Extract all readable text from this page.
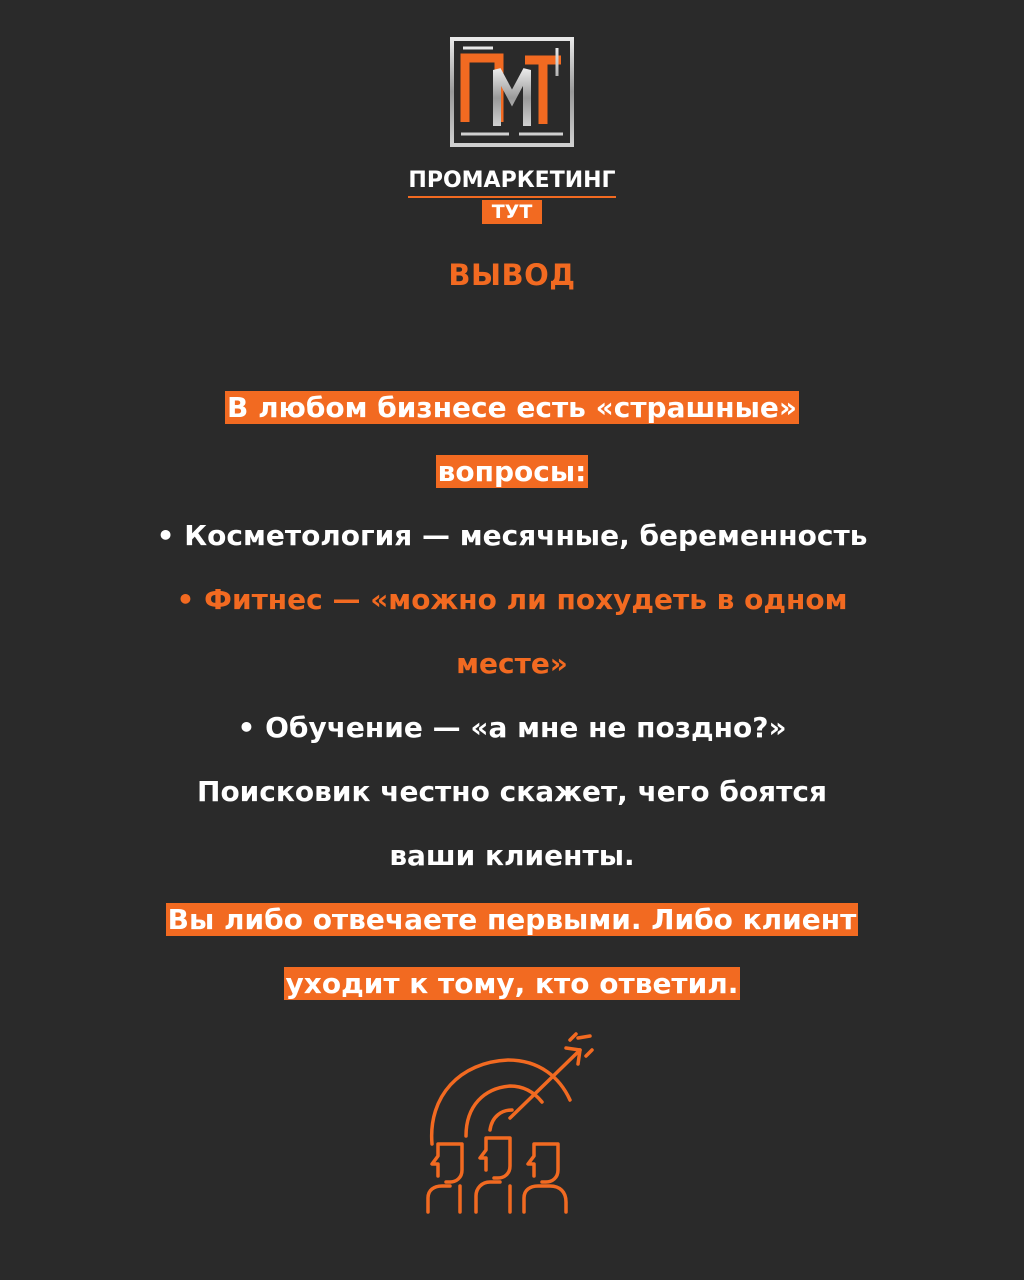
ПРОМАРКЕТИНГ
ТУТ
ВЫВОД
В любом бизнесе есть «страшные»
вопросы:
• Косметология — месячные, беременность
• Фитнес — «можно ли похудеть в одном
месте»
• Обучение — «а мне не поздно?»
Поисковик честно скажет, чего боятся
ваши клиенты.
Вы либо отвечаете первыми. Либо клиент
уходит к тому, кто ответил.
